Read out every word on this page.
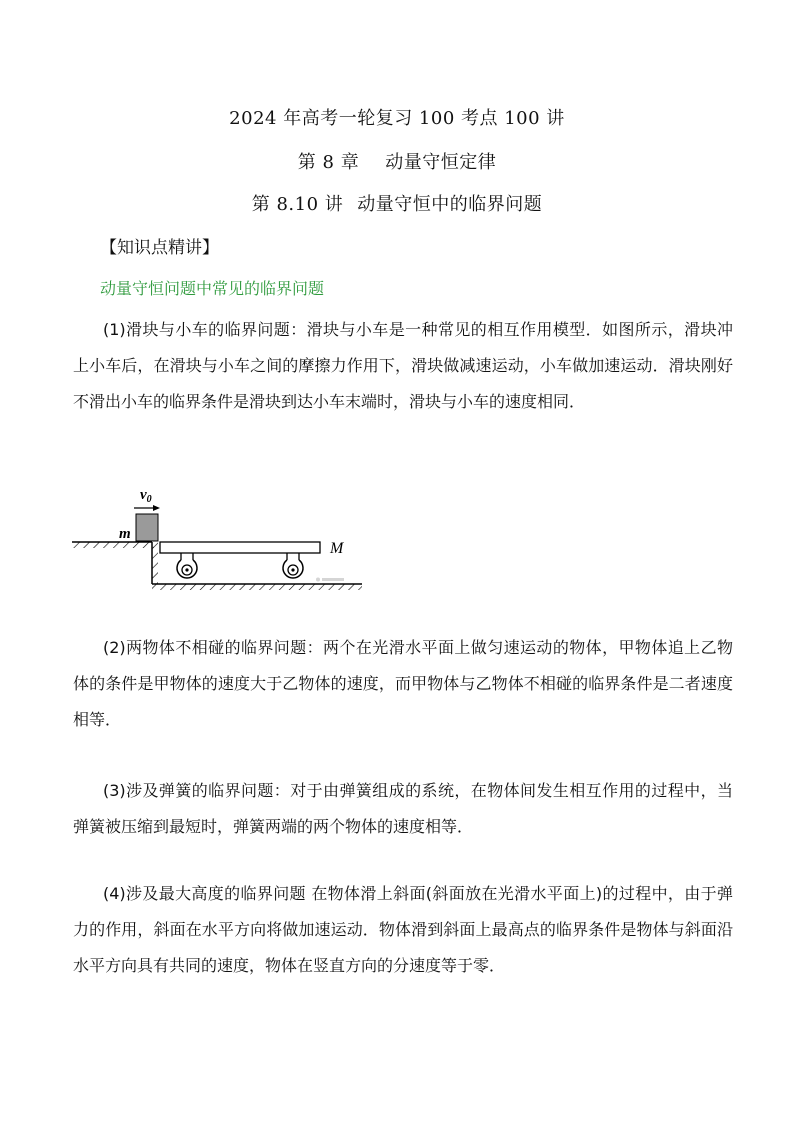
2024 年高考一轮复习 100 考点 100 讲
第 8 章 动量守恒定律
第 8.10 讲 动量守恒中的临界问题
【知识点精讲】
动量守恒问题中常见的临界问题
(1)滑块与小车的临界问题：滑块与小车是一种常见的相互作用模型．如图所示，滑块冲上小车后，在滑块与小车之间的摩擦力作用下，滑块做减速运动，小车做加速运动．滑块刚好不滑出小车的临界条件是滑块到达小车末端时，滑块与小车的速度相同．
$v_0$
m
M
(2)两物体不相碰的临界问题：两个在光滑水平面上做匀速运动的物体，甲物体追上乙物体的条件是甲物体的速度大于乙物体的速度，而甲物体与乙物体不相碰的临界条件是二者速度相等．
(3)涉及弹簧的临界问题：对于由弹簧组成的系统，在物体间发生相互作用的过程中，当弹簧被压缩到最短时，弹簧两端的两个物体的速度相等．
(4)涉及最大高度的临界问题 在物体滑上斜面(斜面放在光滑水平面上)的过程中，由于弹力的作用，斜面在水平方向将做加速运动．物体滑到斜面上最高点的临界条件是物体与斜面沿水平方向具有共同的速度，物体在竖直方向的分速度等于零．
